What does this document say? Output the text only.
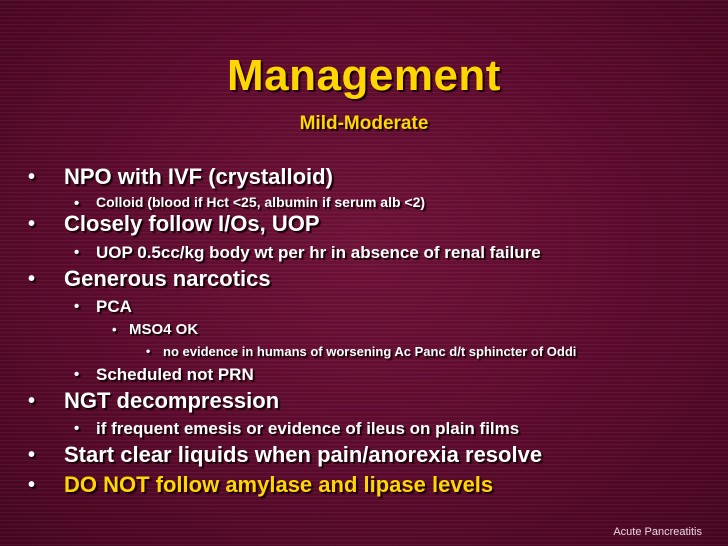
Management
Mild-Moderate
• NPO with IVF (crystalloid)
• Colloid (blood if Hct <25, albumin if serum alb <2)
• Closely follow I/Os, UOP
• UOP 0.5cc/kg body wt per hr in absence of renal failure
• Generous narcotics
• PCA
• MSO4 OK
• no evidence in humans of worsening Ac Panc d/t sphincter of Oddi
• Scheduled not PRN
• NGT decompression
• if frequent emesis or evidence of ileus on plain films
• Start clear liquids when pain/anorexia resolve
• DO NOT follow amylase and lipase levels
Acute Pancreatitis
